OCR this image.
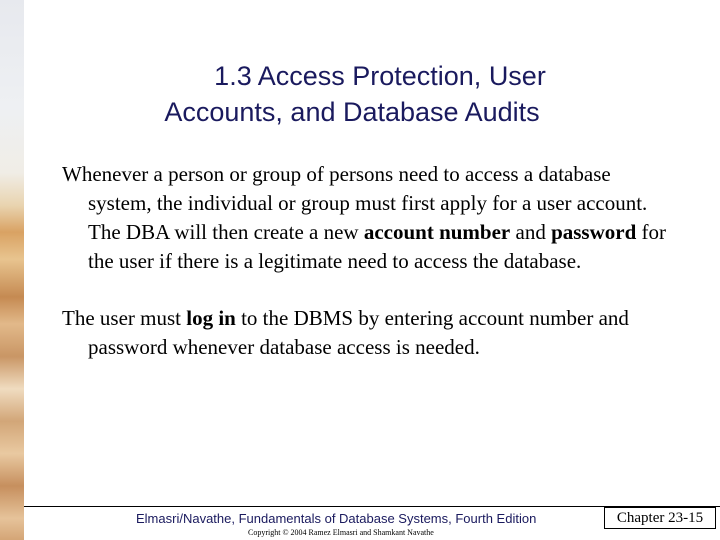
1.3 Access Protection, User
Accounts, and Database Audits

Whenever a person or group of persons need to access a database system, the individual or group must first apply for a user account. The DBA will then create a new account number and password for the user if there is a legitimate need to access the database.

The user must log in to the DBMS by entering account number and password whenever database access is needed.

Elmasri/Navathe, Fundamentals of Database Systems, Fourth Edition
Copyright © 2004 Ramez Elmasri and Shamkant Navathe
Chapter 23-15
